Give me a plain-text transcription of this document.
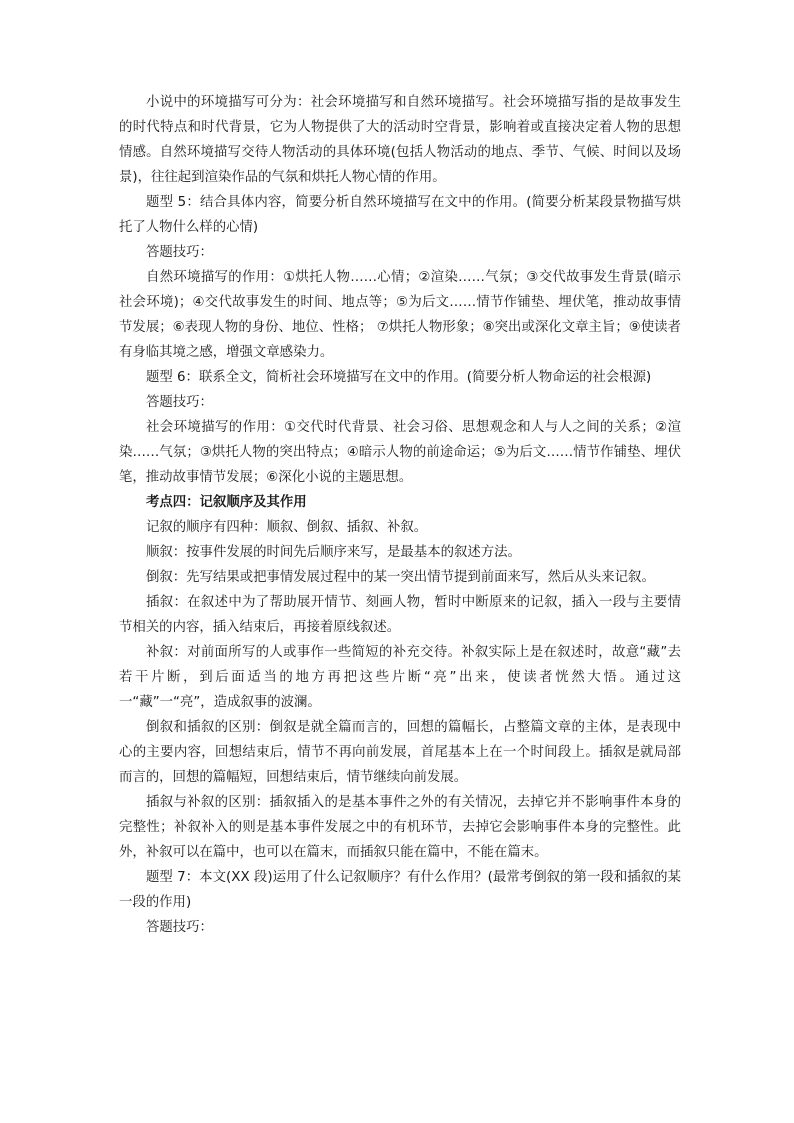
小说中的环境描写可分为：社会环境描写和自然环境描写。社会环境描写指的是故事发生的时代特点和时代背景，它为人物提供了大的活动时空背景，影响着或直接决定着人物的思想情感。自然环境描写交待人物活动的具体环境(包括人物活动的地点、季节、气候、时间以及场景)，往往起到渲染作品的气氛和烘托人物心情的作用。

题型 5：结合具体内容，简要分析自然环境描写在文中的作用。(简要分析某段景物描写烘托了人物什么样的心情)

答题技巧：

自然环境描写的作用：①烘托人物……心情；②渲染……气氛；③交代故事发生背景(暗示社会环境)；④交代故事发生的时间、地点等；⑤为后文……情节作铺垫、埋伏笔，推动故事情节发展；⑥表现人物的身份、地位、性格； ⑦烘托人物形象；⑧突出或深化文章主旨；⑨使读者有身临其境之感，增强文章感染力。

题型 6：联系全文，简析社会环境描写在文中的作用。(简要分析人物命运的社会根源)

答题技巧：

社会环境描写的作用：①交代时代背景、社会习俗、思想观念和人与人之间的关系；②渲染……气氛；③烘托人物的突出特点；④暗示人物的前途命运；⑤为后文……情节作铺垫、埋伏笔，推动故事情节发展；⑥深化小说的主题思想。

考点四：记叙顺序及其作用

记叙的顺序有四种：顺叙、倒叙、插叙、补叙。

顺叙：按事件发展的时间先后顺序来写，是最基本的叙述方法。

倒叙：先写结果或把事情发展过程中的某一突出情节提到前面来写，然后从头来记叙。

插叙：在叙述中为了帮助展开情节、刻画人物，暂时中断原来的记叙，插入一段与主要情节相关的内容，插入结束后，再接着原线叙述。

补叙：对前面所写的人或事作一些简短的补充交待。补叙实际上是在叙述时，故意“藏”去若干片断，到后面适当的地方再把这些片断“亮”出来，使读者恍然大悟。通过这一“藏”一“亮”，造成叙事的波澜。

倒叙和插叙的区别：倒叙是就全篇而言的，回想的篇幅长，占整篇文章的主体，是表现中心的主要内容，回想结束后，情节不再向前发展，首尾基本上在一个时间段上。插叙是就局部而言的，回想的篇幅短，回想结束后，情节继续向前发展。

插叙与补叙的区别：插叙插入的是基本事件之外的有关情况，去掉它并不影响事件本身的完整性；补叙补入的则是基本事件发展之中的有机环节，去掉它会影响事件本身的完整性。此外，补叙可以在篇中，也可以在篇末，而插叙只能在篇中，不能在篇末。

题型 7：本文(XX 段)运用了什么记叙顺序？有什么作用？(最常考倒叙的第一段和插叙的某一段的作用)

答题技巧：
